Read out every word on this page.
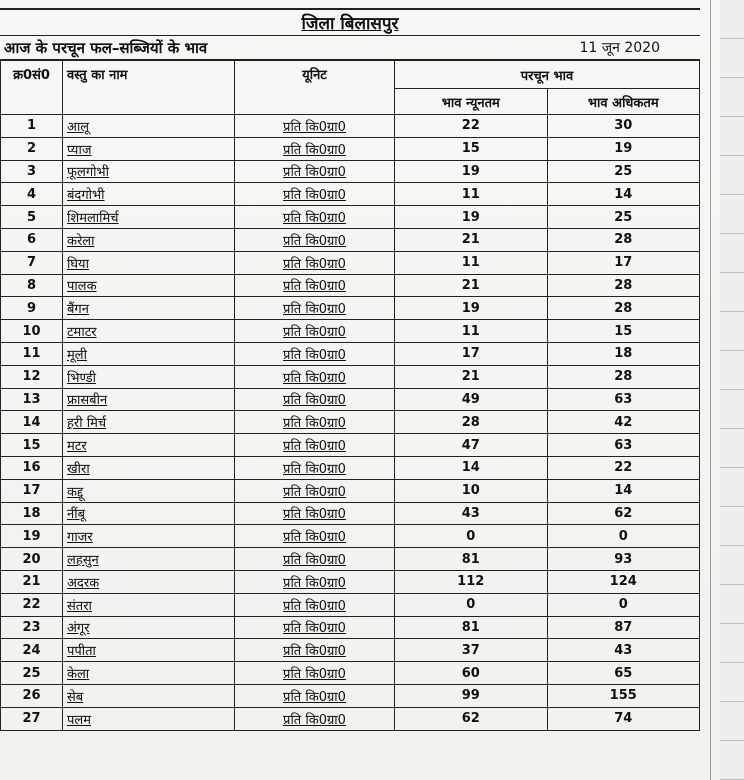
जिला बिलासपुर
आज के परचून फल–सब्जियों के भाव	11 जून 2020
क्र0सं0	वस्तु का नाम	यूनिट	परचून भाव	
			भाव न्यूनतम	भाव अधिकतम
1	आलू	प्रति कि0ग्रा0	22	30
2	प्याज	प्रति कि0ग्रा0	15	19
3	फूलगोभी	प्रति कि0ग्रा0	19	25
4	बंदगोभी	प्रति कि0ग्रा0	11	14
5	शिमलामिर्च	प्रति कि0ग्रा0	19	25
6	करेला	प्रति कि0ग्रा0	21	28
7	घिया	प्रति कि0ग्रा0	11	17
8	पालक	प्रति कि0ग्रा0	21	28
9	बैंगन	प्रति कि0ग्रा0	19	28
10	टमाटर	प्रति कि0ग्रा0	11	15
11	मूली	प्रति कि0ग्रा0	17	18
12	भिण्डी	प्रति कि0ग्रा0	21	28
13	फ्रासबीन	प्रति कि0ग्रा0	49	63
14	हरी मिर्च	प्रति कि0ग्रा0	28	42
15	मटर	प्रति कि0ग्रा0	47	63
16	खीरा	प्रति कि0ग्रा0	14	22
17	कद्दू	प्रति कि0ग्रा0	10	14
18	नींबू	प्रति कि0ग्रा0	43	62
19	गाजर	प्रति कि0ग्रा0	0	0
20	लहसुन	प्रति कि0ग्रा0	81	93
21	अदरक	प्रति कि0ग्रा0	112	124
22	संतरा	प्रति कि0ग्रा0	0	0
23	अंगूर	प्रति कि0ग्रा0	81	87
24	पपीता	प्रति कि0ग्रा0	37	43
25	केला	प्रति कि0ग्रा0	60	65
26	सेब	प्रति कि0ग्रा0	99	155
27	पलम	प्रति कि0ग्रा0	62	74
